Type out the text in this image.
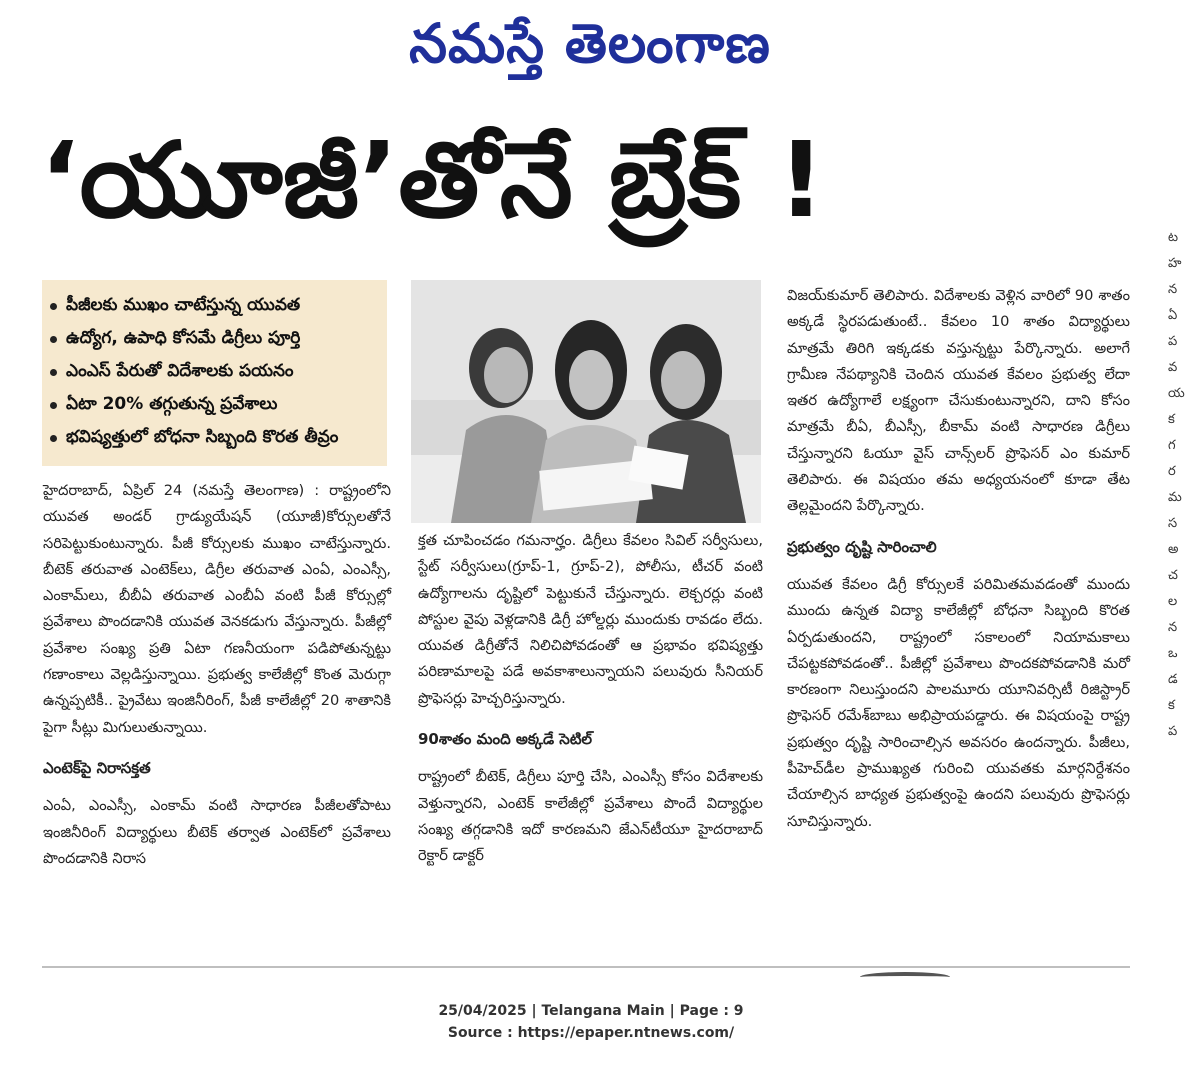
నమస్తే తెలంగాణ
‘యూజీ’తోనే బ్రేక్ !
పీజీలకు ముఖం చాటేస్తున్న యువత
ఉద్యోగ, ఉపాధి కోసమే డిగ్రీలు పూర్తి
ఎంఎస్ పేరుతో విదేశాలకు పయనం
ఏటా 20% తగ్గుతున్న ప్రవేశాలు
భవిష్యత్తులో బోధనా సిబ్బంది కొరత తీవ్రం

హైదరాబాద్, ఏప్రిల్ 24 (నమస్తే తెలంగాణ) : రాష్ట్రంలోని యువత అండర్ గ్రాడ్యుయేషన్ (యూజీ)కోర్సులతోనే సరిపెట్టుకుంటున్నారు. పీజీ కోర్సులకు ముఖం చాటేస్తున్నారు. బీటెక్ తరువాత ఎంటెక్‌లు, డిగ్రీల తరువాత ఎంఏ, ఎంఎస్సీ, ఎంకామ్‌లు, బీబీఏ తరువాత ఎంబీఏ వంటి పీజీ కోర్సుల్లో ప్రవేశాలు పొందడానికి యువత వెనకడుగు వేస్తున్నారు. పీజీల్లో ప్రవేశాల సంఖ్య ప్రతి ఏటా గణనీయంగా పడిపోతున్నట్టు గణాంకాలు వెల్లడిస్తున్నాయి. ప్రభుత్వ కాలేజీల్లో కొంత మెరుగ్గా ఉన్నప్పటికీ.. ప్రైవేటు ఇంజినీరింగ్, పీజీ కాలేజీల్లో 20 శాతానికి పైగా సీట్లు మిగులుతున్నాయి.

ఎంటెక్‌పై నిరాసక్తత

ఎంఏ, ఎంఎస్సీ, ఎంకామ్ వంటి సాధారణ పీజీలతోపాటు ఇంజినీరింగ్ విద్యార్థులు బీటెక్ తర్వాత ఎంటెక్‌లో ప్రవేశాలు పొందడానికి నిరాస

క్తత చూపించడం గమనార్హం. డిగ్రీలు కేవలం సివిల్ సర్వీసులు, స్టేట్ సర్వీసులు(గ్రూప్-1, గ్రూప్-2), పోలీసు, టీచర్ వంటి ఉద్యోగాలను దృష్టిలో పెట్టుకునే చేస్తున్నారు. లెక్చరర్లు వంటి పోస్టుల వైపు వెళ్లడానికి డిగ్రీ హోల్డర్లు ముందుకు రావడం లేదు. యువత డిగ్రీతోనే నిలిచిపోవడంతో ఆ ప్రభావం భవిష్యత్తు పరిణామాలపై పడే అవకాశాలున్నాయని పలువురు సీనియర్ ప్రొఫెసర్లు హెచ్చరిస్తున్నారు.

90శాతం మంది అక్కడే సెటిల్

రాష్ట్రంలో బీటెక్, డిగ్రీలు పూర్తి చేసి, ఎంఎస్సీ కోసం విదేశాలకు వెళ్తున్నారని, ఎంటెక్ కాలేజీల్లో ప్రవేశాలు పొందే విద్యార్థుల సంఖ్య తగ్గడానికి ఇదో కారణమని జేఎన్‌టీయూ హైదరాబాద్ రెక్టార్ డాక్టర్

విజయ్‌కుమార్ తెలిపారు. విదేశాలకు వెళ్లిన వారిలో 90 శాతం అక్కడే స్థిరపడుతుంటే.. కేవలం 10 శాతం విద్యార్థులు మాత్రమే తిరిగి ఇక్కడకు వస్తున్నట్టు పేర్కొన్నారు. అలాగే గ్రామీణ నేపథ్యానికి చెందిన యువత కేవలం ప్రభుత్వ లేదా ఇతర ఉద్యోగాలే లక్ష్యంగా చేసుకుంటున్నారని, దాని కోసం మాత్రమే బీఏ, బీఎస్సీ, బీకామ్ వంటి సాధారణ డిగ్రీలు చేస్తున్నారని ఓయూ వైస్ చాన్స్‌లర్ ప్రొఫెసర్ ఎం కుమార్ తెలిపారు. ఈ విషయం తమ అధ్యయనంలో కూడా తేట తెల్లమైందని పేర్కొన్నారు.

ప్రభుత్వం దృష్టి సారించాలి

యువత కేవలం డిగ్రీ కోర్సులకే పరిమితమవడంతో ముందు ముందు ఉన్నత విద్యా కాలేజీల్లో బోధనా సిబ్బంది కొరత ఏర్పడుతుందని, రాష్ట్రంలో సకాలంలో నియామకాలు చేపట్టకపోవడంతో.. పీజీల్లో ప్రవేశాలు పొందకపోవడానికి మరో కారణంగా నిలుస్తుందని పాలమూరు యూనివర్సిటీ రిజిస్ట్రార్ ప్రొఫెసర్ రమేశ్‌బాబు అభిప్రాయపడ్డారు. ఈ విషయంపై రాష్ట్ర ప్రభుత్వం దృష్టి సారించాల్సిన అవసరం ఉందన్నారు. పీజీలు, పీహెచ్‌డీల ప్రాముఖ్యత గురించి యువతకు మార్గనిర్దేశనం చేయాల్సిన బాధ్యత ప్రభుత్వంపై ఉందని పలువురు ప్రొఫెసర్లు సూచిస్తున్నారు.

ట
హ
న
ఏ
ప
వ
య
క
గ
ర
మ
స
అ
చ
ల
న
ఒ
డ
క
ప
25/04/2025 | Telangana Main | Page : 9
Source : https://epaper.ntnews.com/
